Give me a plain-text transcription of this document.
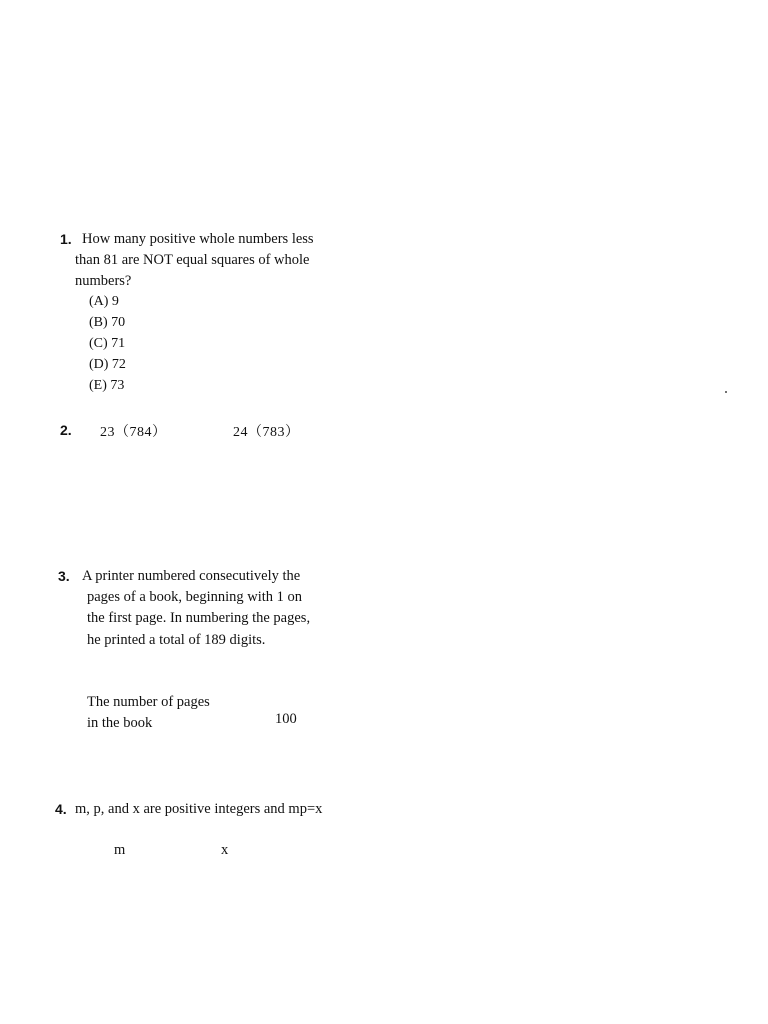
1. How many positive whole numbers less
than 81 are NOT equal squares of whole
numbers?
(A) 9
(B) 70
(C) 71
(D) 72
(E) 73
2. 23（784）	24（783）
3. A printer numbered consecutively the
pages of a book, beginning with 1 on
the first page. In numbering the pages,
he printed a total of 189 digits.
The number of pages
in the book	100
4. m, p, and x are positive integers and mp=x
m	x
